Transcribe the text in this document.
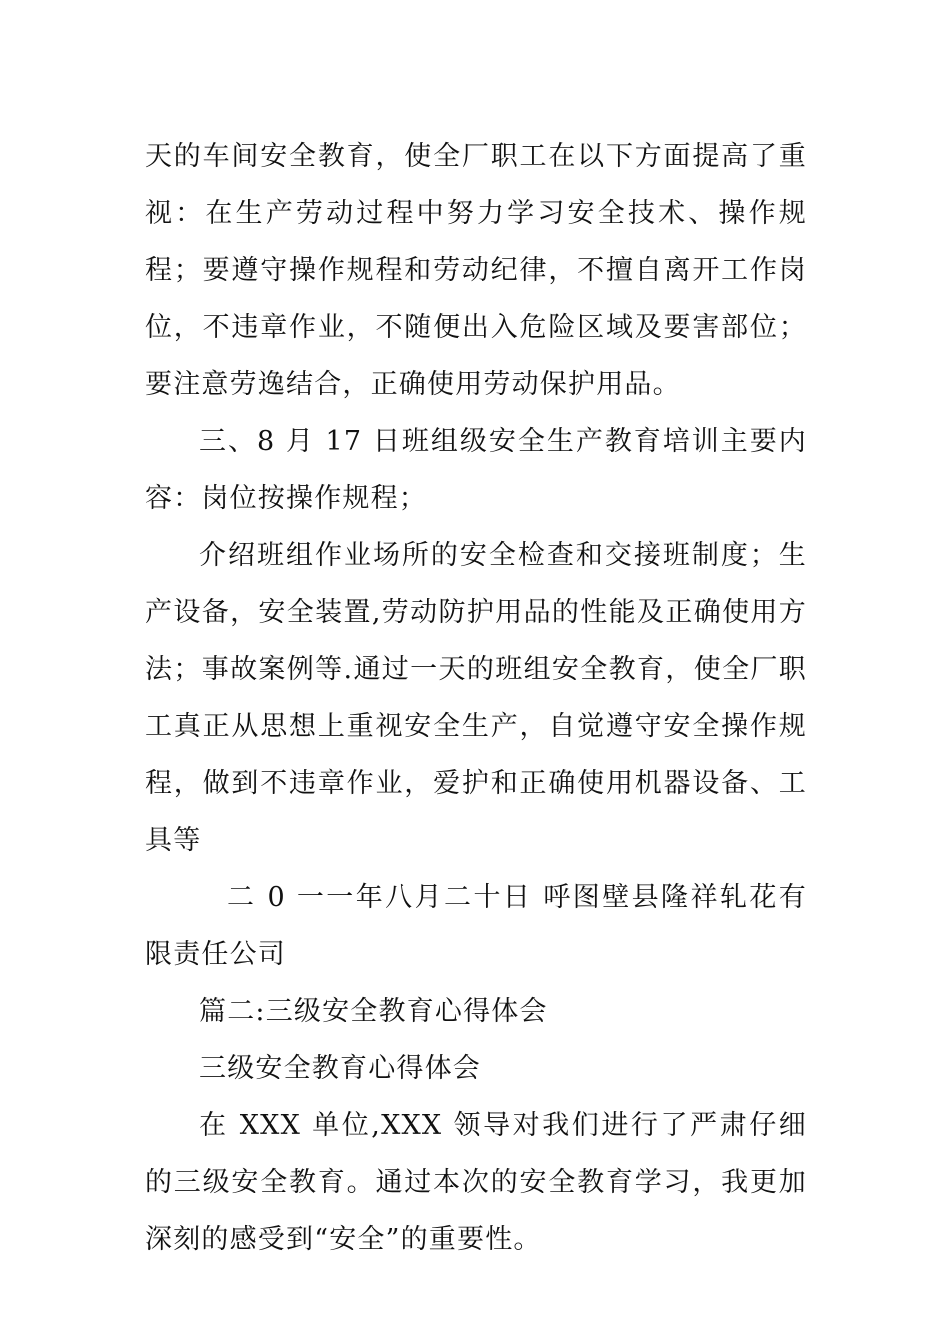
天的车间安全教育，使全厂职工在以下方面提高了重视：在生产劳动过程中努力学习安全技术、操作规程；要遵守操作规程和劳动纪律，不擅自离开工作岗位，不违章作业，不随便出入危险区域及要害部位；要注意劳逸结合，正确使用劳动保护用品。

三、8 月 17 日班组级安全生产教育培训主要内容：岗位按操作规程；

介绍班组作业场所的安全检查和交接班制度；生产设备，安全装置,劳动防护用品的性能及正确使用方法；事故案例等.通过一天的班组安全教育，使全厂职工真正从思想上重视安全生产，自觉遵守安全操作规程，做到不违章作业，爱护和正确使用机器设备、工具等

二 0 一一年八月二十日 呼图壁县隆祥轧花有限责任公司

篇二:三级安全教育心得体会

三级安全教育心得体会

在 XXX 单位,XXX 领导对我们进行了严肃仔细的三级安全教育。通过本次的安全教育学习，我更加深刻的感受到“安全”的重要性。
